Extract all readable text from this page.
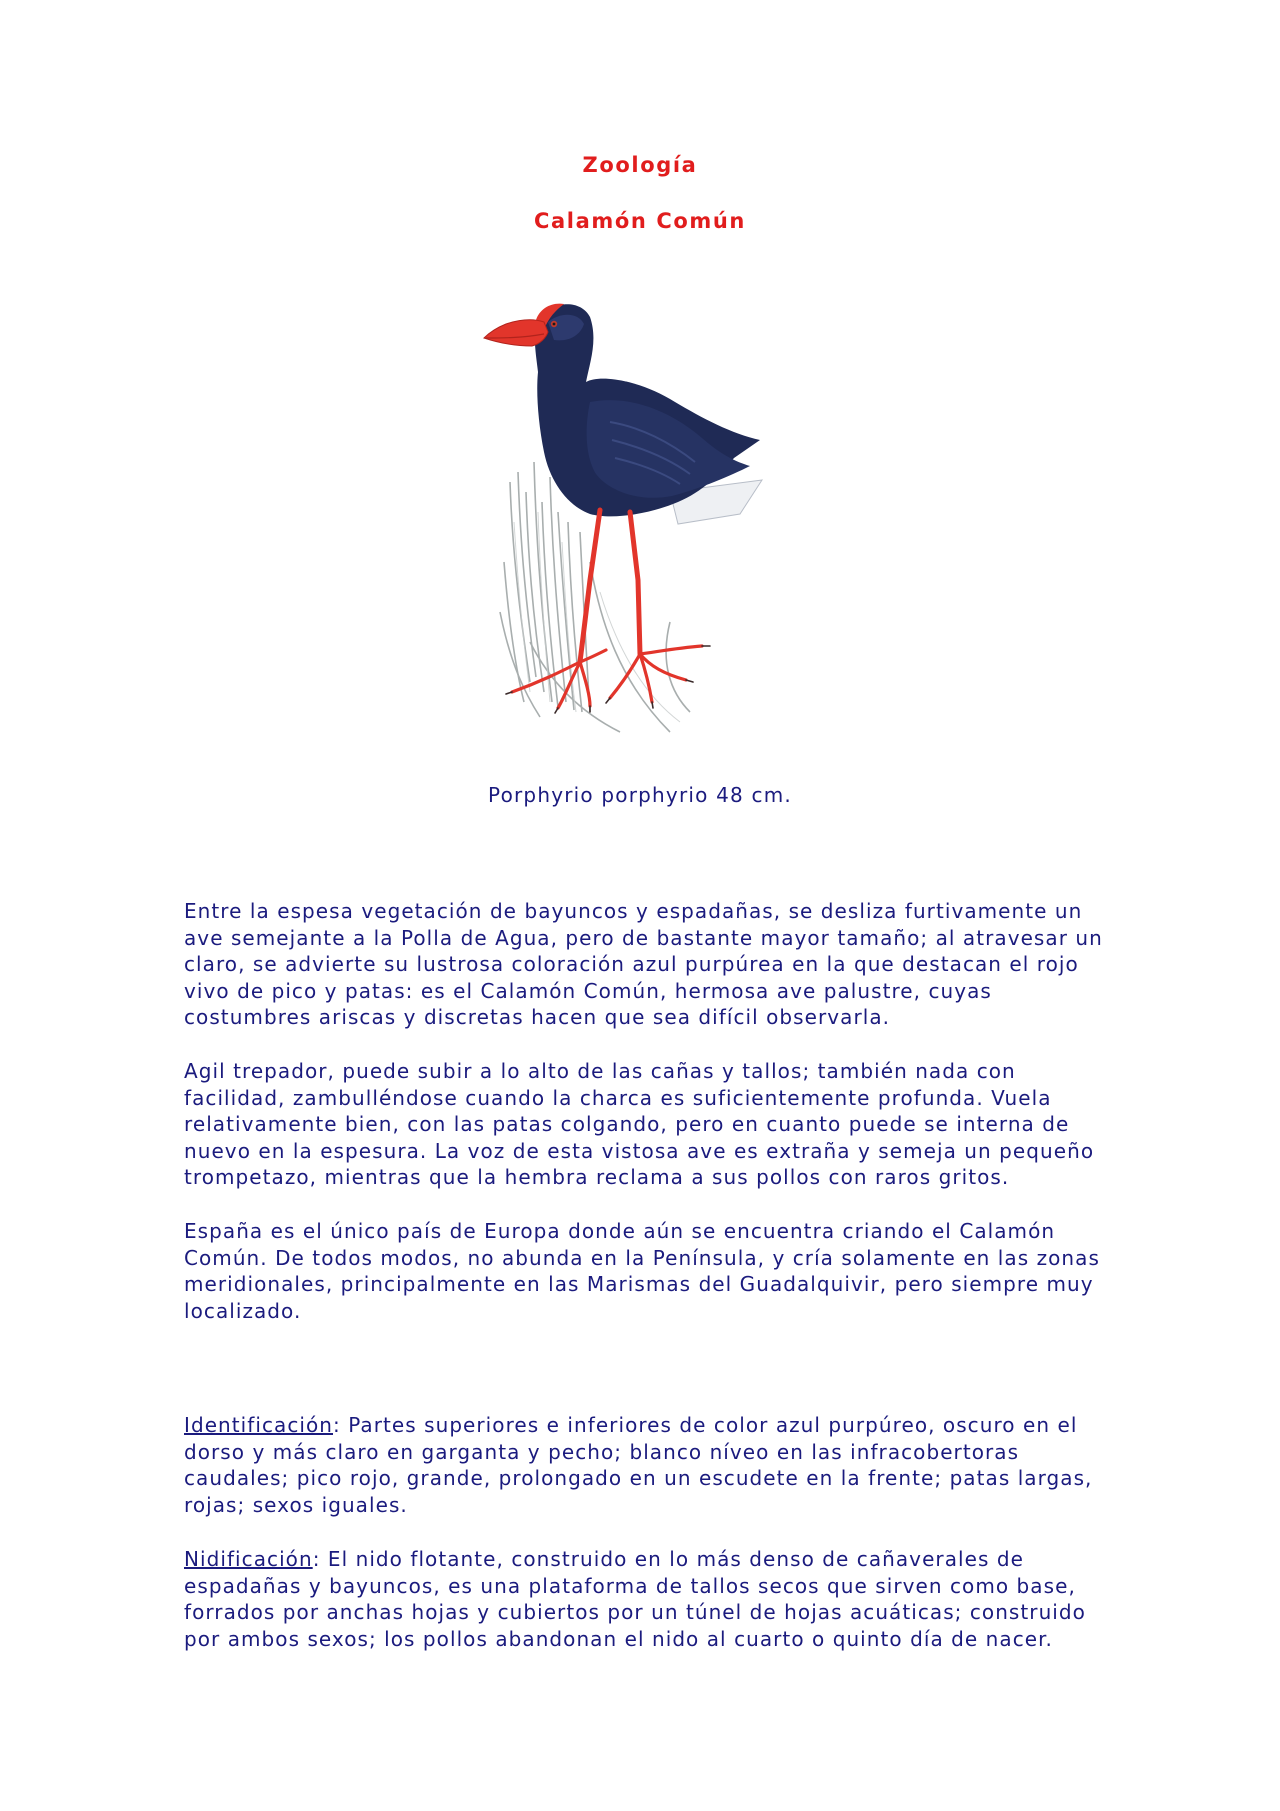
Zoología
Calamón Común
Porphyrio porphyrio 48 cm.

Entre la espesa vegetación de bayuncos y espadañas, se desliza furtivamente un ave semejante a la Polla de Agua, pero de bastante mayor tamaño; al atravesar un claro, se advierte su lustrosa coloración azul purpúrea en la que destacan el rojo vivo de pico y patas: es el Calamón Común, hermosa ave palustre, cuyas costumbres ariscas y discretas hacen que sea difícil observarla.

Agil trepador, puede subir a lo alto de las cañas y tallos; también nada con facilidad, zambulléndose cuando la charca es suficientemente profunda. Vuela relativamente bien, con las patas colgando, pero en cuanto puede se interna de nuevo en la espesura. La voz de esta vistosa ave es extraña y semeja un pequeño trompetazo, mientras que la hembra reclama a sus pollos con raros gritos.

España es el único país de Europa donde aún se encuentra criando el Calamón Común. De todos modos, no abunda en la Península, y cría solamente en las zonas meridionales, principalmente en las Marismas del Guadalquivir, pero siempre muy localizado.

Identificación: Partes superiores e inferiores de color azul purpúreo, oscuro en el dorso y más claro en garganta y pecho; blanco níveo en las infracobertoras caudales; pico rojo, grande, prolongado en un escudete en la frente; patas largas, rojas; sexos iguales.

Nidificación: El nido flotante, construido en lo más denso de cañaverales de espadañas y bayuncos, es una plataforma de tallos secos que sirven como base, forrados por anchas hojas y cubiertos por un túnel de hojas acuáticas; construido por ambos sexos; los pollos abandonan el nido al cuarto o quinto día de nacer.
